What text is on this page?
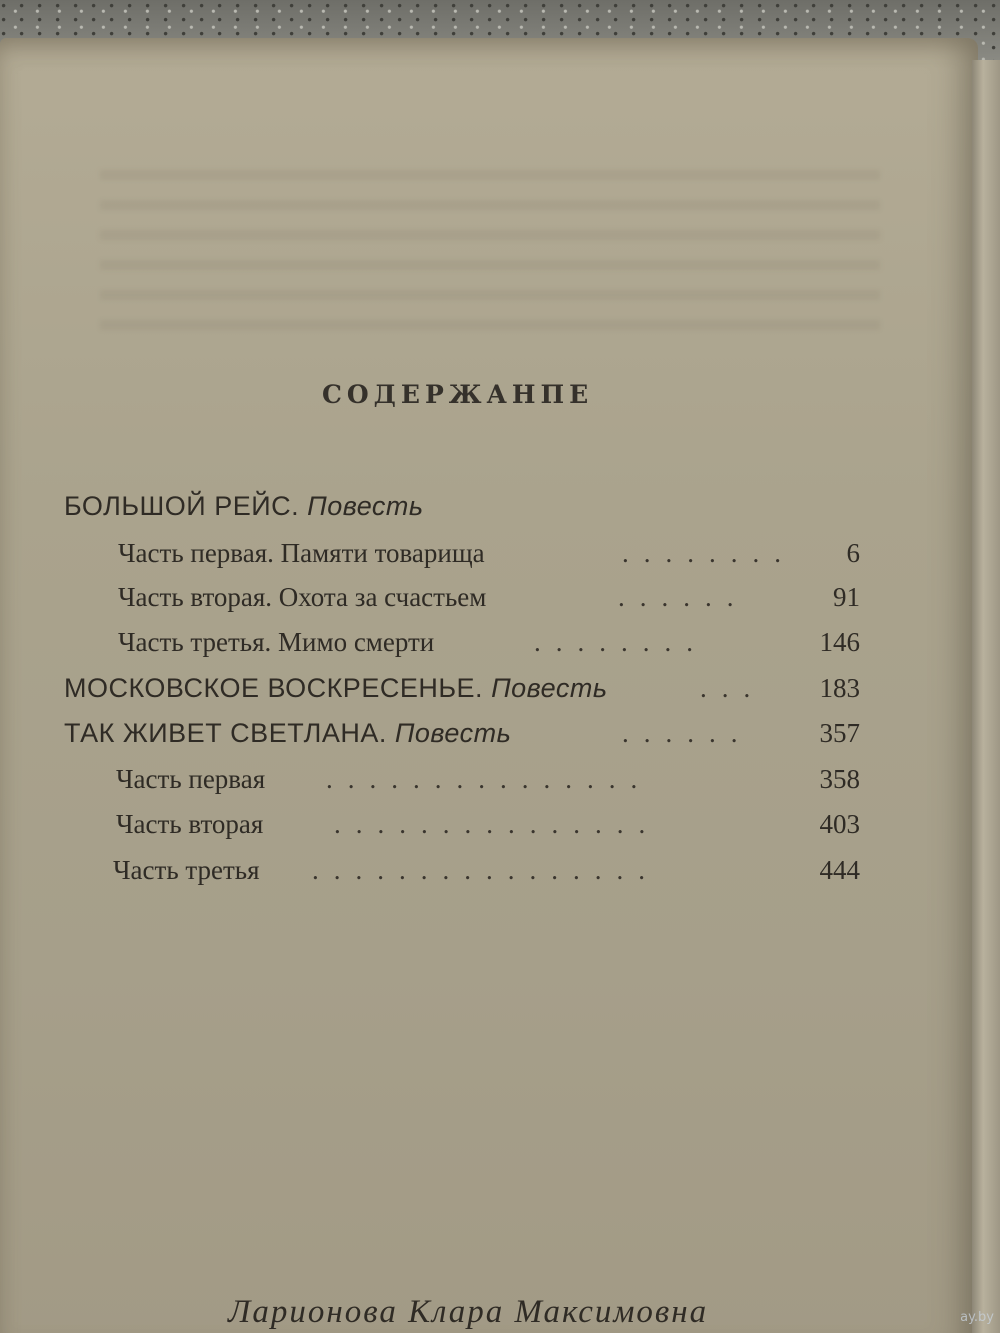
СОДЕРЖАНПЕ
БОЛЬШОЙ РЕЙС. Повесть
Часть первая. Памяти товарища	........	6
Часть вторая. Охота за счастьем	......	91
Часть третья. Мимо смерти	........	146
МОСКОВСКОЕ ВОСКРЕСЕНЬЕ. Повесть	...	183
ТАК ЖИВЕТ СВЕТЛАНА. Повесть	......	357
Часть первая ...............	358
Часть вторая	...............	403
Часть третья ................	444
Ларионова Клара Максимовна	ay.by
